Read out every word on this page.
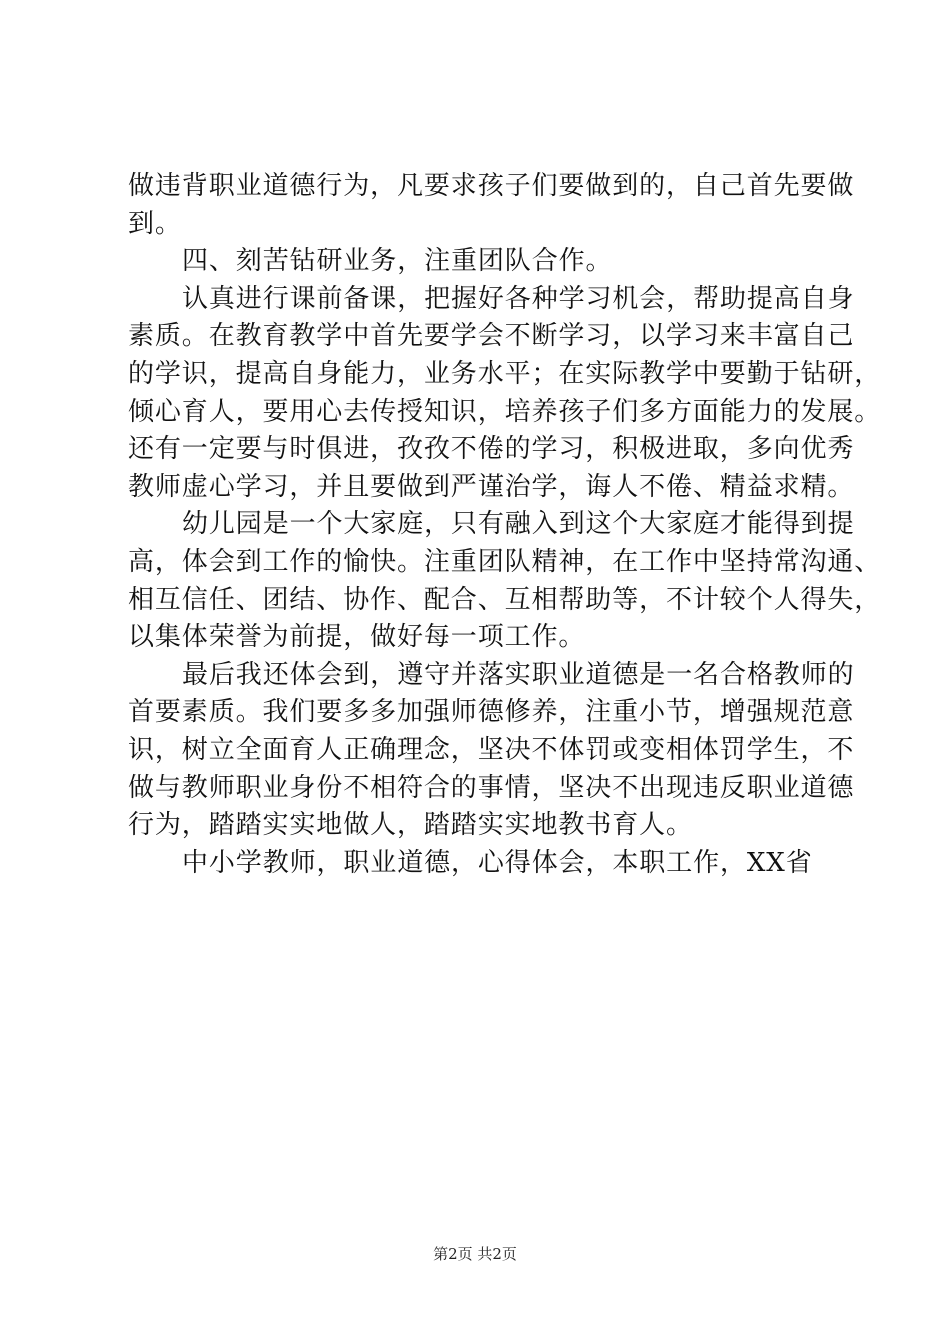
做违背职业道德行为，凡要求孩子们要做到的，自己首先要做
到。
四、刻苦钻研业务，注重团队合作。
认真进行课前备课，把握好各种学习机会，帮助提高自身
素质。在教育教学中首先要学会不断学习，以学习来丰富自己
的学识，提高自身能力，业务水平；在实际教学中要勤于钻研，
倾心育人，要用心去传授知识，培养孩子们多方面能力的发展。
还有一定要与时俱进，孜孜不倦的学习，积极进取，多向优秀
教师虚心学习，并且要做到严谨治学，诲人不倦、精益求精。
幼儿园是一个大家庭，只有融入到这个大家庭才能得到提
高，体会到工作的愉快。注重团队精神，在工作中坚持常沟通、
相互信任、团结、协作、配合、互相帮助等，不计较个人得失，
以集体荣誉为前提，做好每一项工作。
最后我还体会到，遵守并落实职业道德是一名合格教师的
首要素质。我们要多多加强师德修养，注重小节，增强规范意
识，树立全面育人正确理念，坚决不体罚或变相体罚学生，不
做与教师职业身份不相符合的事情，坚决不出现违反职业道德
行为，踏踏实实地做人，踏踏实实地教书育人。
中小学教师，职业道德，心得体会，本职工作，XX省
第2页 共2页
